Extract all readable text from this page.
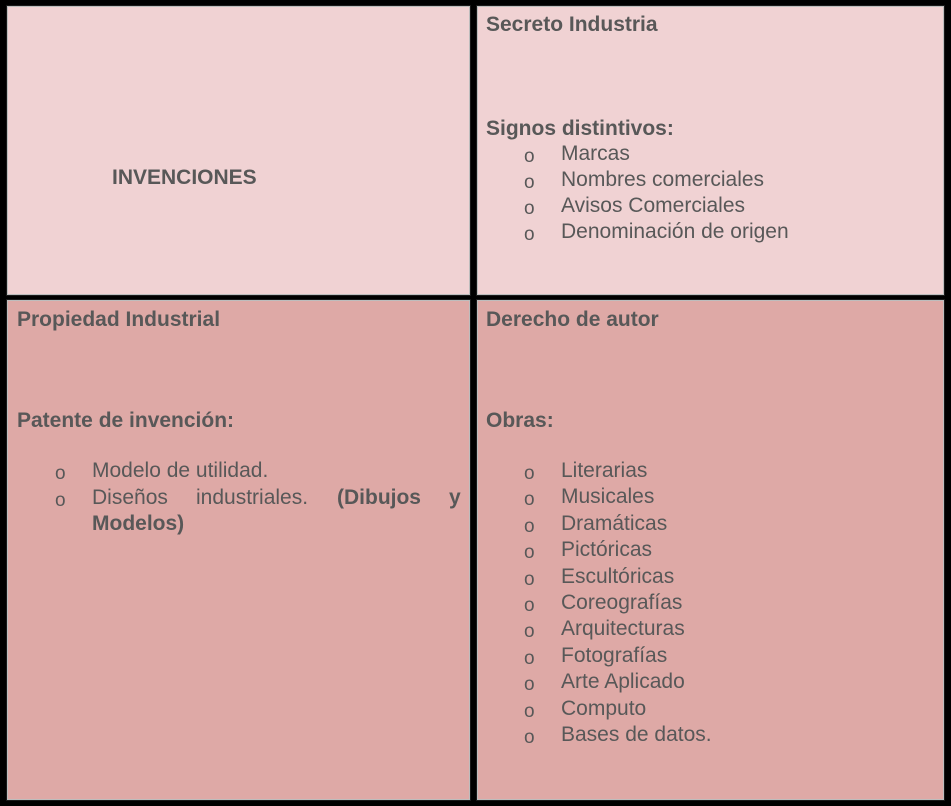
INVENCIONES
Secreto Industria
Signos distintivos:
o Marcas
o Nombres comerciales
o Avisos Comerciales
o Denominación de origen
Propiedad Industrial
Patente de invención:
o Modelo de utilidad.
o Diseños industriales. (Dibujos y
Modelos)
Derecho de autor
Obras:
o Literarias
o Musicales
o Dramáticas
o Pictóricas
o Escultóricas
o Coreografías
o Arquitecturas
o Fotografías
o Arte Aplicado
o Computo
o Bases de datos.
